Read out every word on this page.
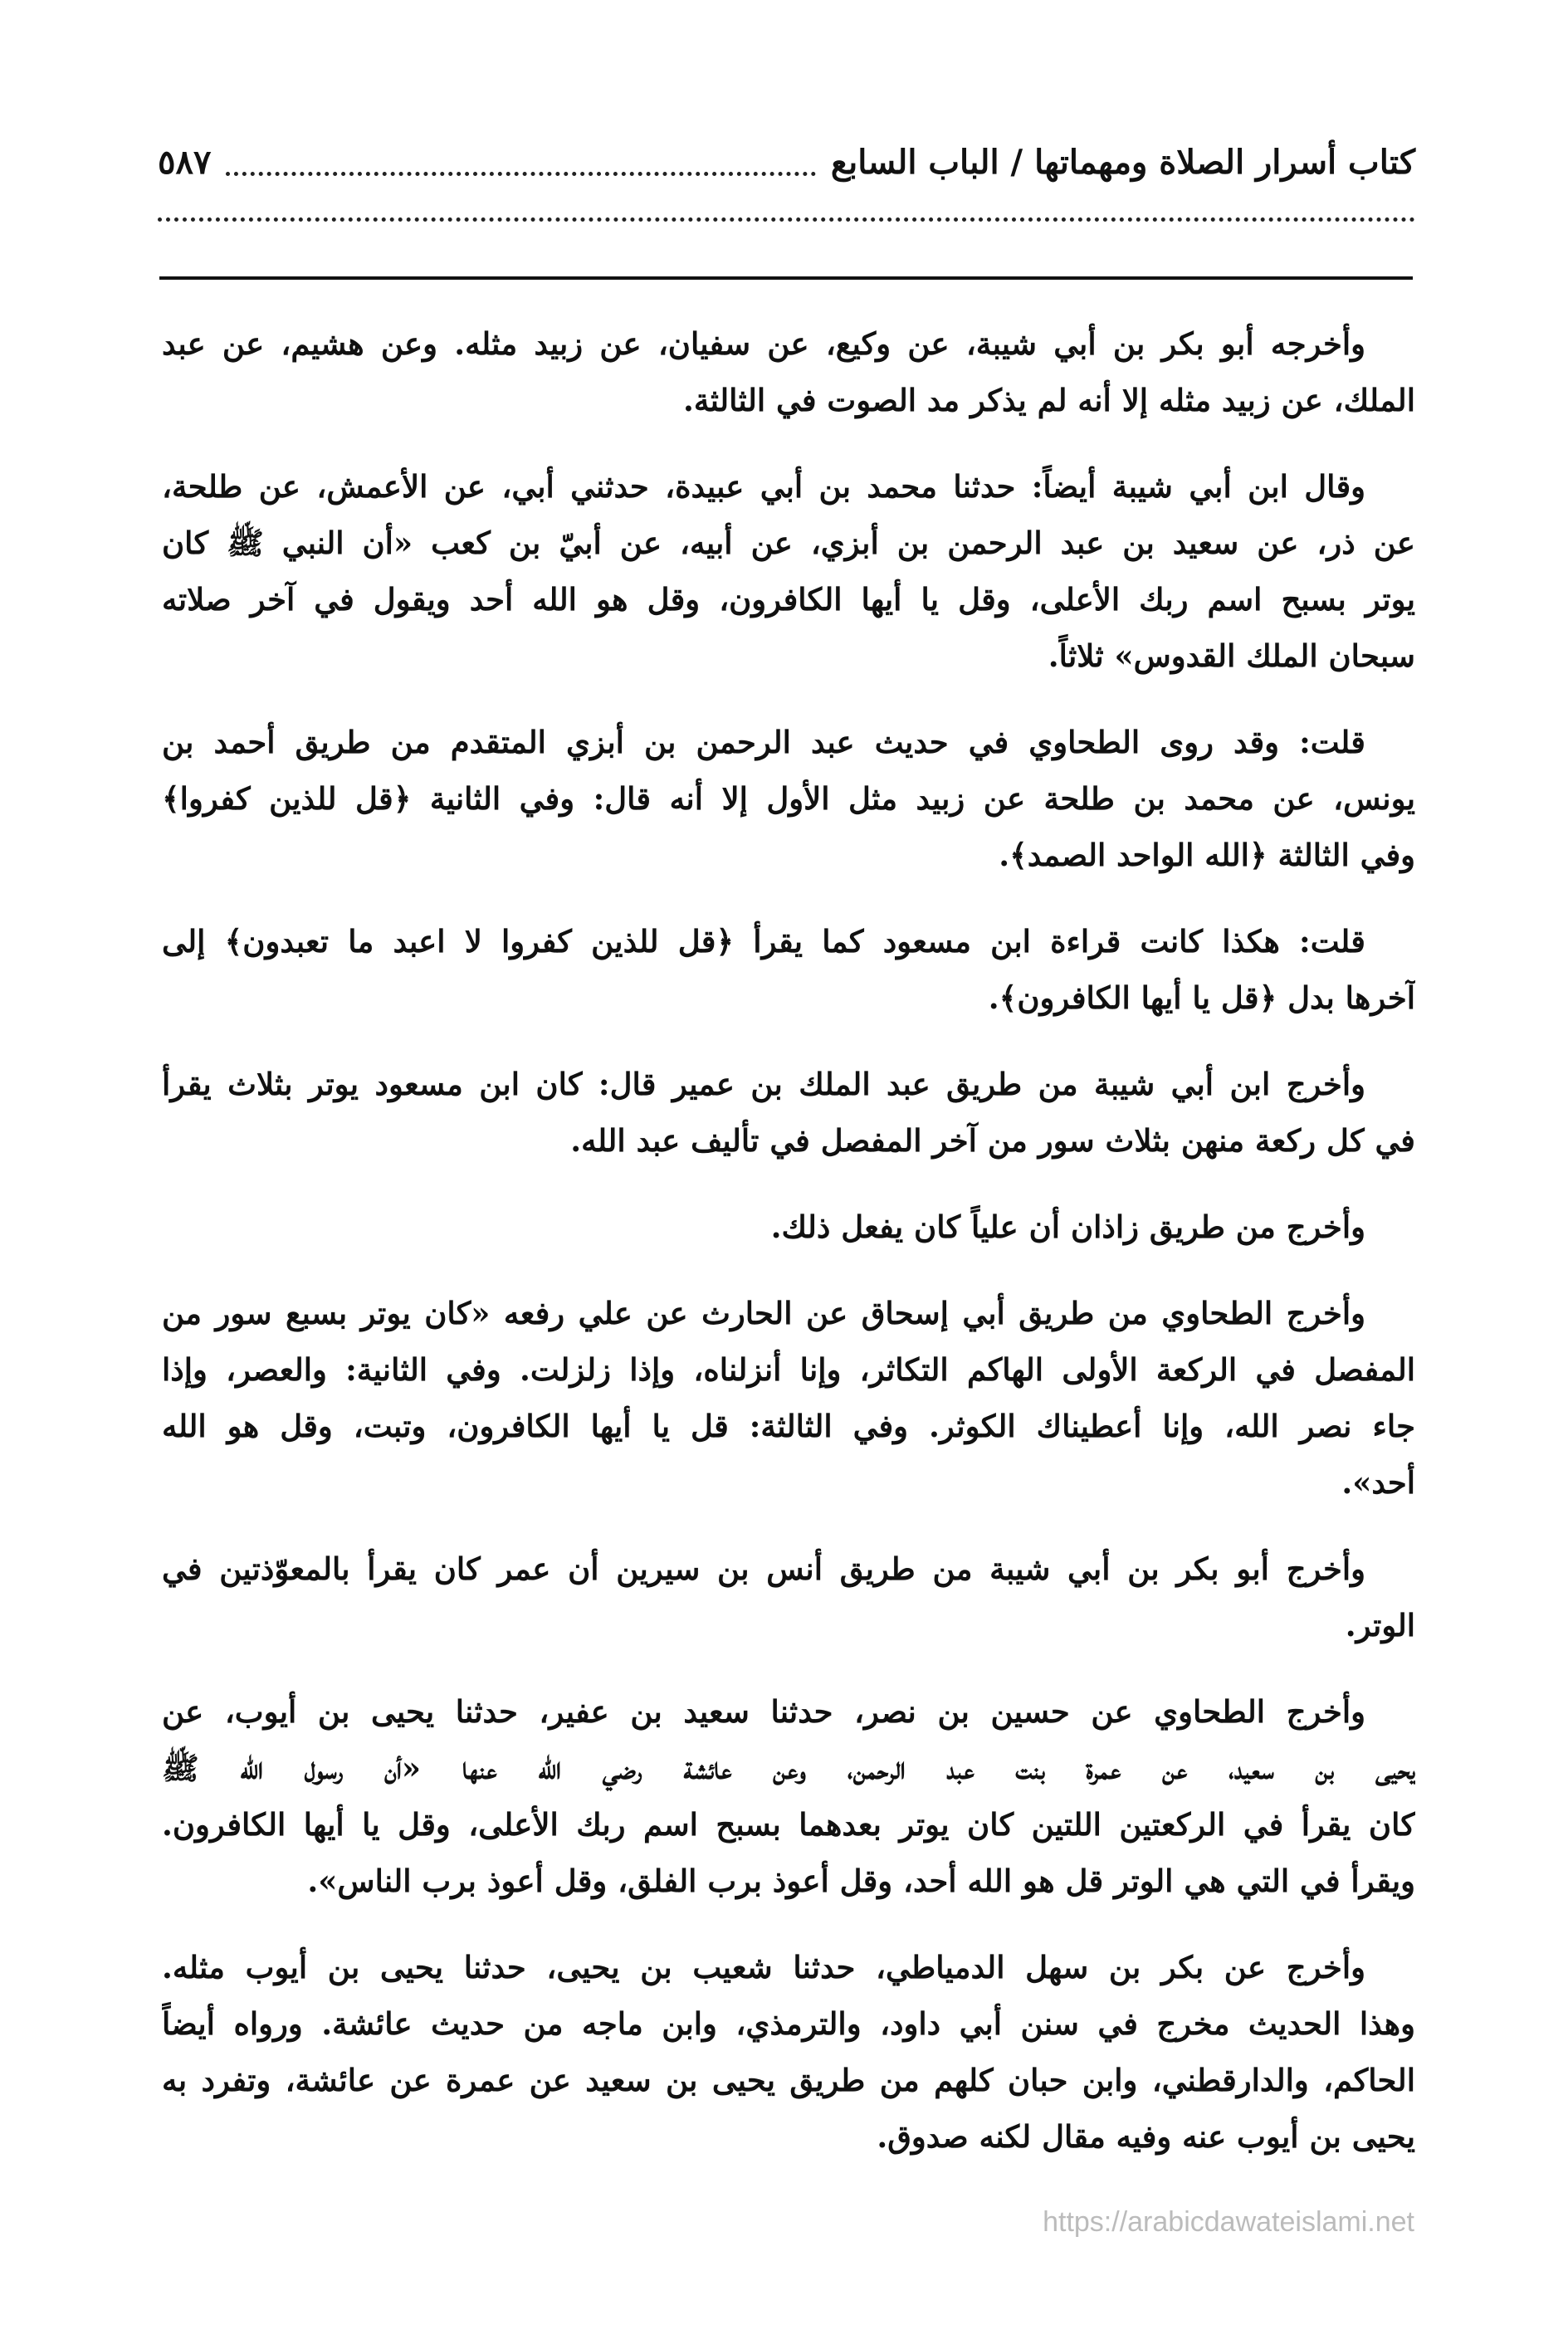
كتاب أسرار الصلاة ومهماتها / الباب السابع
٥٨٧
وأخرجه أبو بكر بن أبي شيبة، عن وكيع، عن سفيان، عن زبيد مثله. وعن هشيم، عن عبد
الملك، عن زبيد مثله إلا أنه لم يذكر مد الصوت في الثالثة.
وقال ابن أبي شيبة أيضاً: حدثنا محمد بن أبي عبيدة، حدثني أبي، عن الأعمش، عن طلحة،
عن ذر، عن سعيد بن عبد الرحمن بن أبزي، عن أبيه، عن أبيّ بن كعب «أن النبي ﷺ كان
يوتر بسبح اسم ربك الأعلى، وقل يا أيها الكافرون، وقل هو الله أحد ويقول في آخر صلاته
سبحان الملك القدوس» ثلاثاً.
قلت: وقد روى الطحاوي في حديث عبد الرحمن بن أبزي المتقدم من طريق أحمد بن
يونس، عن محمد بن طلحة عن زبيد مثل الأول إلا أنه قال: وفي الثانية ﴿قل للذين كفروا﴾
وفي الثالثة ﴿الله الواحد الصمد﴾.
قلت: هكذا كانت قراءة ابن مسعود كما يقرأ ﴿قل للذين كفروا لا اعبد ما تعبدون﴾ إلى
آخرها بدل ﴿قل يا أيها الكافرون﴾.
وأخرج ابن أبي شيبة من طريق عبد الملك بن عمير قال: كان ابن مسعود يوتر بثلاث يقرأ
في كل ركعة منهن بثلاث سور من آخر المفصل في تأليف عبد الله.
وأخرج من طريق زاذان أن علياً كان يفعل ذلك.
وأخرج الطحاوي من طريق أبي إسحاق عن الحارث عن علي رفعه «كان يوتر بسبع سور من
المفصل في الركعة الأولى الهاكم التكاثر، وإنا أنزلناه، وإذا زلزلت. وفي الثانية: والعصر، وإذا
جاء نصر الله، وإنا أعطيناك الكوثر. وفي الثالثة: قل يا أيها الكافرون، وتبت، وقل هو الله
أحد».
وأخرج أبو بكر بن أبي شيبة من طريق أنس بن سيرين أن عمر كان يقرأ بالمعوّذتين في
الوتر.
وأخرج الطحاوي عن حسين بن نصر، حدثنا سعيد بن عفير، حدثنا يحيى بن أيوب، عن
يحيى بن سعيد، عن عمرة بنت عبد الرحمن، وعن عائشة رضي الله عنها «أن رسول الله ﷺ
كان يقرأ في الركعتين اللتين كان يوتر بعدهما بسبح اسم ربك الأعلى، وقل يا أيها الكافرون.
ويقرأ في التي هي الوتر قل هو الله أحد، وقل أعوذ برب الفلق، وقل أعوذ برب الناس».
وأخرج عن بكر بن سهل الدمياطي، حدثنا شعيب بن يحيى، حدثنا يحيى بن أيوب مثله.
وهذا الحديث مخرج في سنن أبي داود، والترمذي، وابن ماجه من حديث عائشة. ورواه أيضاً
الحاكم، والدارقطني، وابن حبان كلهم من طريق يحيى بن سعيد عن عمرة عن عائشة، وتفرد به
يحيى بن أيوب عنه وفيه مقال لكنه صدوق.
https://arabicdawateislami.net
